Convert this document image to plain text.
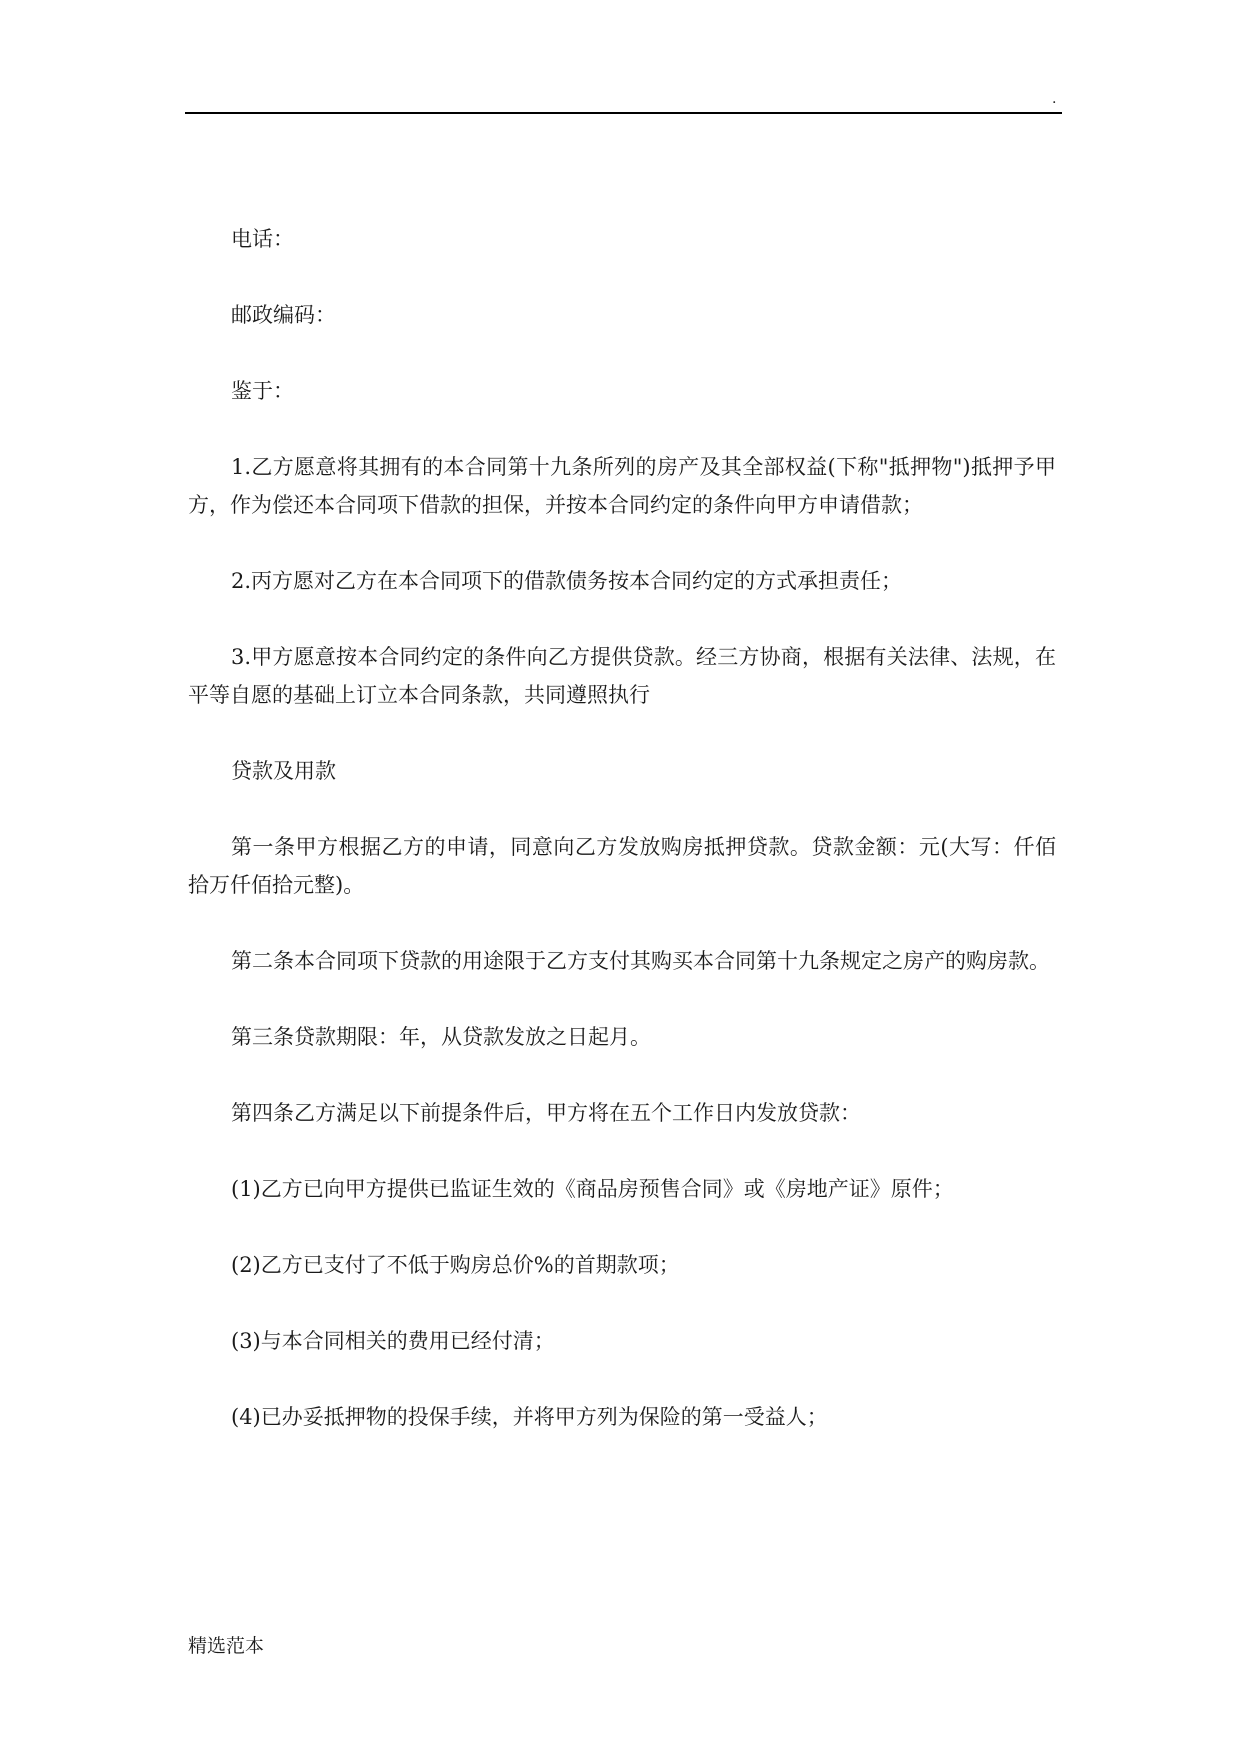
.

电话：

邮政编码：

鉴于：

1.乙方愿意将其拥有的本合同第十九条所列的房产及其全部权益(下称"抵押物")抵押予甲方，作为偿还本合同项下借款的担保，并按本合同约定的条件向甲方申请借款；

2.丙方愿对乙方在本合同项下的借款债务按本合同约定的方式承担责任；

3.甲方愿意按本合同约定的条件向乙方提供贷款。经三方协商，根据有关法律、法规，在平等自愿的基础上订立本合同条款，共同遵照执行

贷款及用款

第一条甲方根据乙方的申请，同意向乙方发放购房抵押贷款。贷款金额：元(大写：仟佰拾万仟佰拾元整)。

第二条本合同项下贷款的用途限于乙方支付其购买本合同第十九条规定之房产的购房款。

第三条贷款期限：年，从贷款发放之日起月。

第四条乙方满足以下前提条件后，甲方将在五个工作日内发放贷款：

(1)乙方已向甲方提供已监证生效的《商品房预售合同》或《房地产证》原件；

(2)乙方已支付了不低于购房总价%的首期款项；

(3)与本合同相关的费用已经付清；

(4)已办妥抵押物的投保手续，并将甲方列为保险的第一受益人；

精选范本
